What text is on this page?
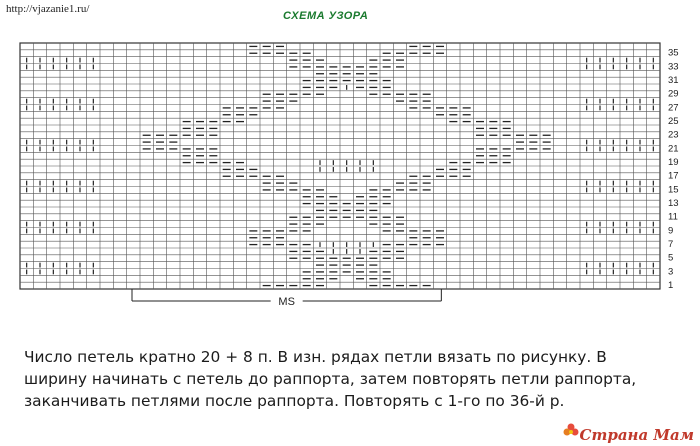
http://vjazanie1.ru/
СХЕМА УЗОРА
1
3
5
7
9
11
13
15
17
19
21
23
25
27
29
31
33
35
MS
Число петель кратно 20 + 8 п. В изн. рядах петли вязать по рисунку. В
ширину начинать с петель до раппорта, затем повторять петли раппорта,
заканчивать петлями после раппорта. Повторять с 1-го по 36-й р.
Страна Мам
